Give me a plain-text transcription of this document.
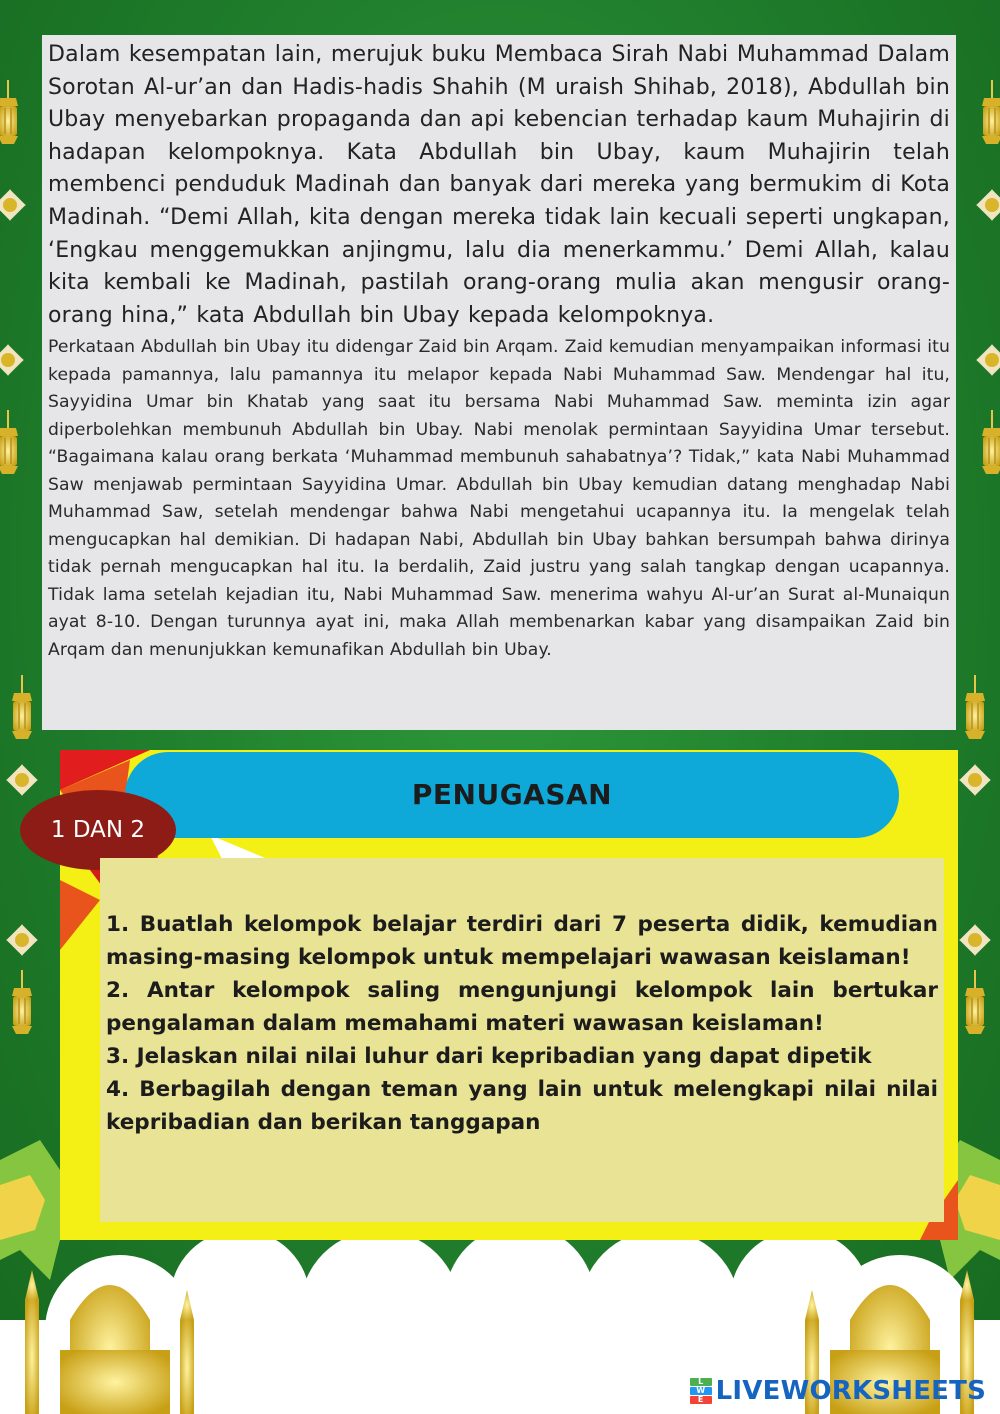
Dalam kesempatan lain, merujuk buku Membaca Sirah Nabi Muhammad Dalam Sorotan Al-ur’an dan Hadis-hadis Shahih (M uraish Shihab, 2018), Abdullah bin Ubay menyebarkan propaganda dan api kebencian terhadap kaum Muhajirin di hadapan kelompoknya. Kata Abdullah bin Ubay, kaum Muhajirin telah membenci penduduk Madinah dan banyak dari mereka yang bermukim di Kota Madinah. “Demi Allah, kita dengan mereka tidak lain kecuali seperti ungkapan, ‘Engkau menggemukkan anjingmu, lalu dia menerkammu.’ Demi Allah, kalau kita kembali ke Madinah, pastilah orang-orang mulia akan mengusir orang-orang hina,” kata Abdullah bin Ubay kepada kelompoknya.

Perkataan Abdullah bin Ubay itu didengar Zaid bin Arqam. Zaid kemudian menyampaikan informasi itu kepada pamannya, lalu pamannya itu melapor kepada Nabi Muhammad Saw. Mendengar hal itu, Sayyidina Umar bin Khatab yang saat itu bersama Nabi Muhammad Saw. meminta izin agar diperbolehkan membunuh Abdullah bin Ubay. Nabi menolak permintaan Sayyidina Umar tersebut. “Bagaimana kalau orang berkata ‘Muhammad membunuh sahabatnya’? Tidak,” kata Nabi Muhammad Saw menjawab permintaan Sayyidina Umar. Abdullah bin Ubay kemudian datang menghadap Nabi Muhammad Saw, setelah mendengar bahwa Nabi mengetahui ucapannya itu. Ia mengelak telah mengucapkan hal demikian. Di hadapan Nabi, Abdullah bin Ubay bahkan bersumpah bahwa dirinya tidak pernah mengucapkan hal itu. Ia berdalih, Zaid justru yang salah tangkap dengan ucapannya. Tidak lama setelah kejadian itu, Nabi Muhammad Saw. menerima wahyu Al-ur’an Surat al-Munaiqun ayat 8-10. Dengan turunnya ayat ini, maka Allah membenarkan kabar yang disampaikan Zaid bin Arqam dan menunjukkan kemunafikan Abdullah bin Ubay.

PENUGASAN
1 DAN 2

1. Buatlah kelompok belajar terdiri dari 7 peserta didik, kemudian masing-masing kelompok untuk mempelajari wawasan keislaman!

2. Antar kelompok saling mengunjungi kelompok lain bertukar pengalaman dalam memahami materi wawasan keislaman!

3. Jelaskan nilai nilai luhur dari kepribadian yang dapat dipetik

4. Berbagilah dengan teman yang lain untuk melengkapi nilai nilai kepribadian dan berikan tanggapan

L
W
E LIVEWORKSHEETS
